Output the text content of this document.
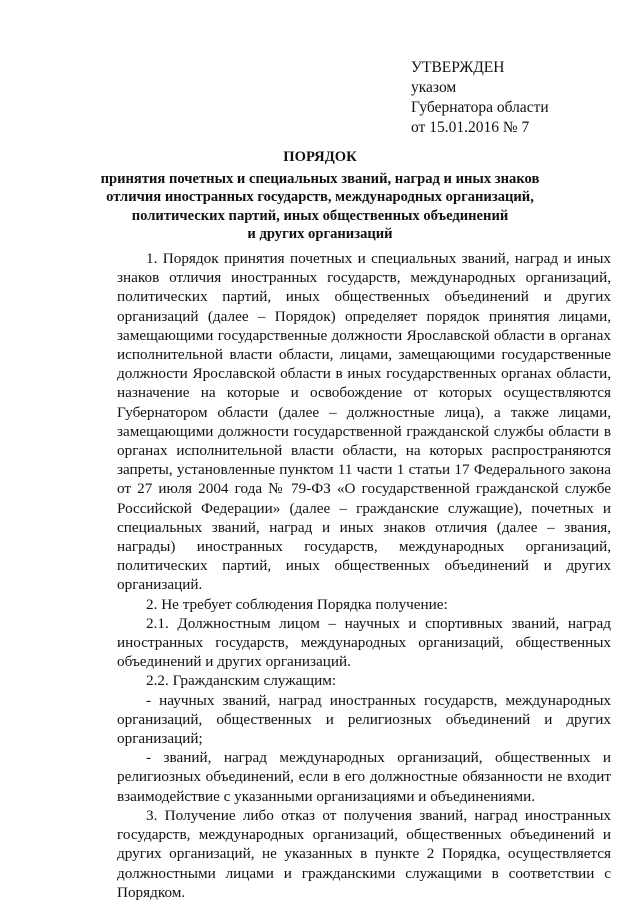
УТВЕРЖДЕН
указом
Губернатора области
от 15.01.2016 № 7
ПОРЯДОК
принятия почетных и специальных званий, наград и иных знаков
отличия иностранных государств, международных организаций,
политических партий, иных общественных объединений
и других организаций

1. Порядок принятия почетных и специальных званий, наград и иных знаков отличия иностранных государств, международных организаций, политических партий, иных общественных объединений и других организаций (далее – Порядок) определяет порядок принятия лицами, замещающими государственные должности Ярославской области в органах исполнительной власти области, лицами, замещающими государственные должности Ярославской области в иных государственных органах области, назначение на которые и освобождение от которых осуществляются Губернатором области (далее – должностные лица), а также лицами, замещающими должности государственной гражданской службы области в органах исполнительной власти области, на которых распространяются запреты, установленные пунктом 11 части 1 статьи 17 Федерального закона от 27 июля 2004 года № 79-ФЗ «О государственной гражданской службе Российской Федерации» (далее – гражданские служащие), почетных и специальных званий, наград и иных знаков отличия (далее – звания, награды) иностранных государств, международных организаций, политических партий, иных общественных объединений и других организаций.

2. Не требует соблюдения Порядка получение:

2.1. Должностным лицом – научных и спортивных званий, наград иностранных государств, международных организаций, общественных объединений и других организаций.

2.2. Гражданским служащим:

- научных званий, наград иностранных государств, международных организаций, общественных и религиозных объединений и других организаций;

- званий, наград международных организаций, общественных и религиозных объединений, если в его должностные обязанности не входит взаимодействие с указанными организациями и объединениями.

3. Получение либо отказ от получения званий, наград иностранных государств, международных организаций, общественных объединений и других организаций, не указанных в пункте 2 Порядка, осуществляется должностными лицами и гражданскими служащими в соответствии с Порядком.
